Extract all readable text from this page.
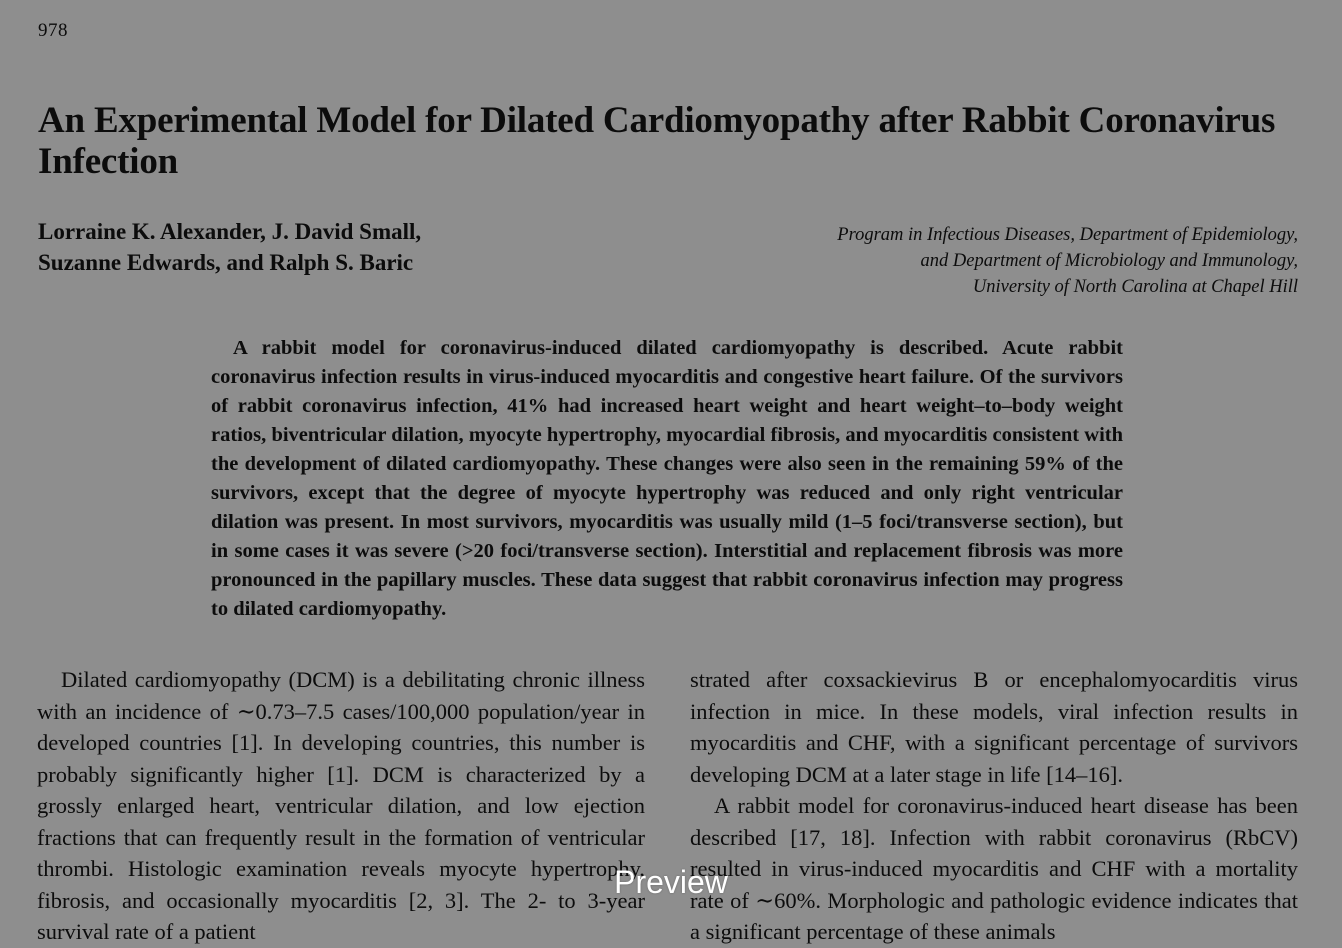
978
An Experimental Model for Dilated Cardiomyopathy after Rabbit Coronavirus Infection
Lorraine K. Alexander, J. David Small,
Suzanne Edwards, and Ralph S. Baric
Program in Infectious Diseases, Department of Epidemiology,
and Department of Microbiology and Immunology,
University of North Carolina at Chapel Hill

A rabbit model for coronavirus-induced dilated cardiomyopathy is described. Acute rabbit coronavirus infection results in virus-induced myocarditis and congestive heart failure. Of the survivors of rabbit coronavirus infection, 41% had increased heart weight and heart weight–to–body weight ratios, biventricular dilation, myocyte hypertrophy, myocardial fibrosis, and myocarditis consistent with the development of dilated cardiomyopathy. These changes were also seen in the remaining 59% of the survivors, except that the degree of myocyte hypertrophy was reduced and only right ventricular dilation was present. In most survivors, myocarditis was usually mild (1–5 foci/transverse section), but in some cases it was severe (>20 foci/transverse section). Interstitial and replacement fibrosis was more pronounced in the papillary muscles. These data suggest that rabbit coronavirus infection may progress to dilated cardiomyopathy.

Dilated cardiomyopathy (DCM) is a debilitating chronic illness with an incidence of ∼0.73–7.5 cases/100,000 population/year in developed countries [1]. In developing countries, this number is probably significantly higher [1]. DCM is characterized by a grossly enlarged heart, ventricular dilation, and low ejection fractions that can frequently result in the formation of ventricular thrombi. Histologic examination reveals myocyte hypertrophy, fibrosis, and occasionally myocarditis [2, 3]. The 2- to 3-year survival rate of a patient

strated after coxsackievirus B or encephalomyocarditis virus infection in mice. In these models, viral infection results in myocarditis and CHF, with a significant percentage of survivors developing DCM at a later stage in life [14–16].

A rabbit model for coronavirus-induced heart disease has been described [17, 18]. Infection with rabbit coronavirus (RbCV) resulted in virus-induced myocarditis and CHF with a mortality rate of ∼60%. Morphologic and pathologic evidence indicates that a significant percentage of these animals

Preview
